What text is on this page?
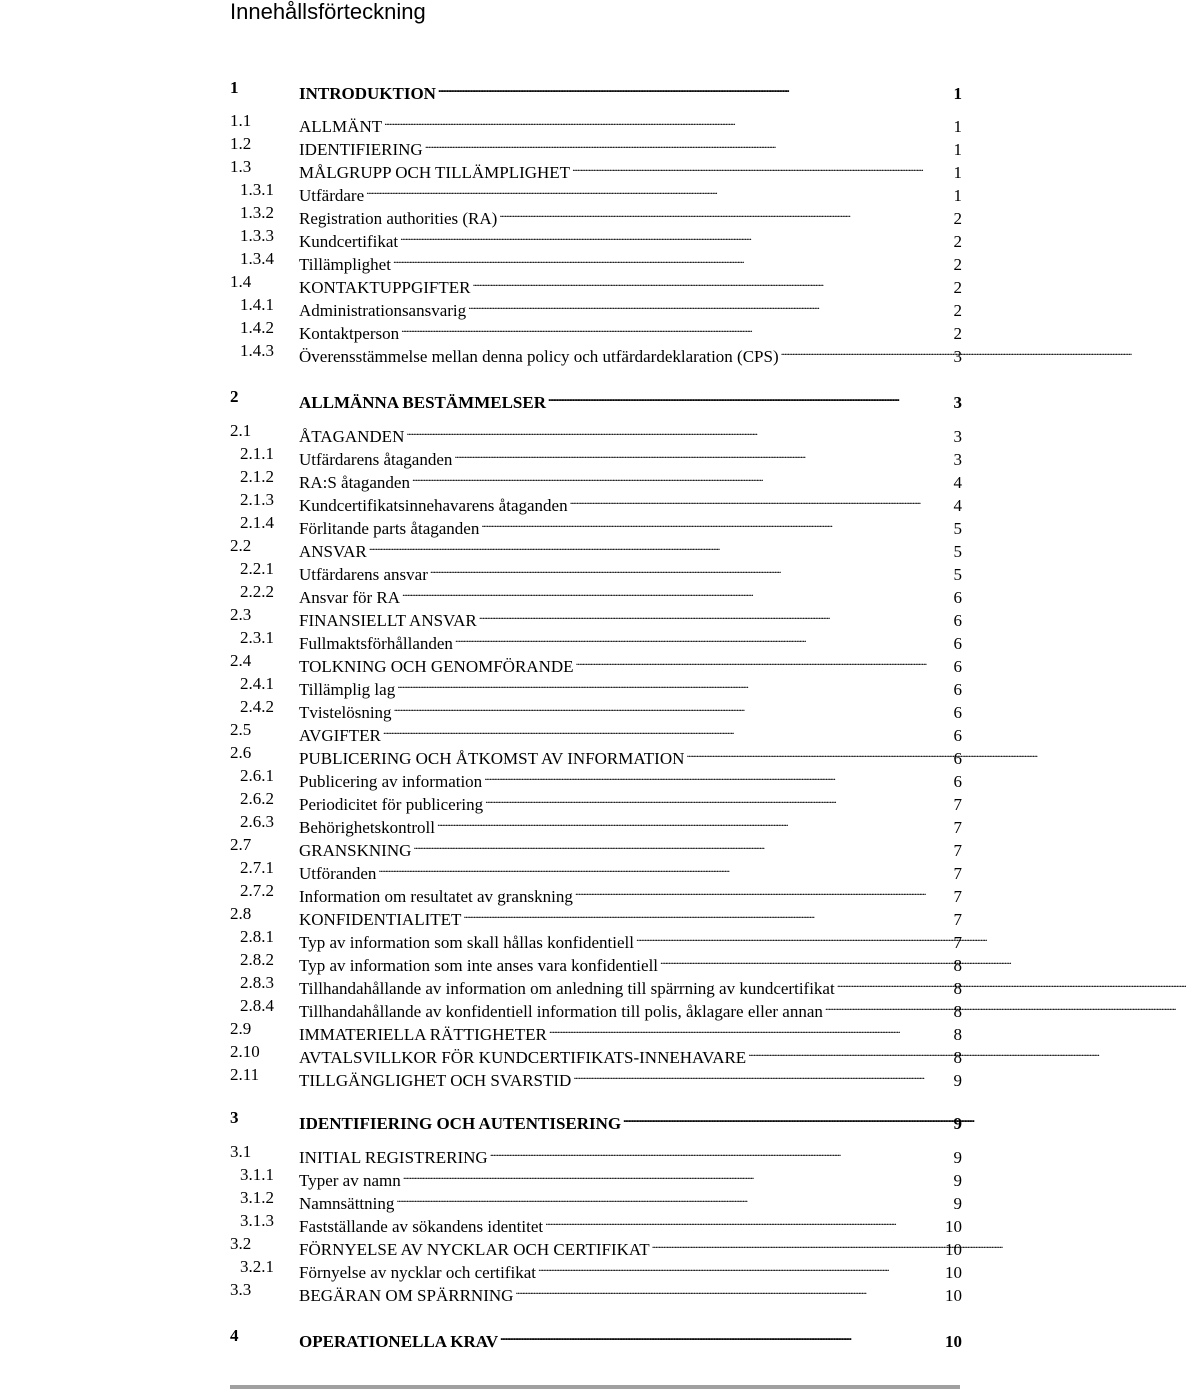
Innehållsförteckning
1	INTRODUKTION . . .	1
1.1	ALLMÄNT . . .	1
1.2	IDENTIFIERING . . .	1
1.3	MÅLGRUPP OCH TILLÄMPLIGHET . . .	1
1.3.1 Utfärdare . . .	1
1.3.2 Registration authorities (RA) . . .	2
1.3.3 Kundcertifikat . . .	2
1.3.4 Tillämplighet . . .	2
1.4	KONTAKTUPPGIFTER . . .	2
1.4.1 Administrationsansvarig . . .	2
1.4.2 Kontaktperson . . .	2
1.4.3 Överensstämmelse mellan denna policy och utfärdardeklaration (CPS) . . .	3
2	ALLMÄNNA BESTÄMMELSER . . .	3
2.1	ÅTAGANDEN . . .	3
2.1.1 Utfärdarens åtaganden . . .	3
2.1.2 RA:S åtaganden . . .	4
2.1.3 Kundcertifikatsinnehavarens åtaganden . . .	4
2.1.4 Förlitande parts åtaganden . . .	5
2.2	ANSVAR . . .	5
2.2.1 Utfärdarens ansvar . . .	5
2.2.2 Ansvar för RA . . .	6
2.3	FINANSIELLT ANSVAR . . .	6
2.3.1 Fullmaktsförhållanden . . .	6
2.4	TOLKNING OCH GENOMFÖRANDE . . .	6
2.4.1 Tillämplig lag . . .	6
2.4.2 Tvistelösning . . .	6
2.5	AVGIFTER . . .	6
2.6	PUBLICERING OCH ÅTKOMST AV INFORMATION . . .	6
2.6.1 Publicering av information . . .	6
2.6.2 Periodicitet för publicering . . .	7
2.6.3 Behörighetskontroll . . .	7
2.7	GRANSKNING . . .	7
2.7.1 Utföranden . . .	7
2.7.2 Information om resultatet av granskning . . .	7
2.8	KONFIDENTIALITET . . .	7
2.8.1 Typ av information som skall hållas konfidentiell . . .	7
2.8.2 Typ av information som inte anses vara konfidentiell . . .	8
2.8.3 Tillhandahållande av information om anledning till spärrning av kundcertifikat . . .	8
2.8.4 Tillhandahållande av konfidentiell information till polis, åklagare eller annan . . .	8
2.9	IMMATERIELLA RÄTTIGHETER . . .	8
2.10 AVTALSVILLKOR FÖR KUNDCERTIFIKATS-INNEHAVARE . . .	8
2.11 TILLGÄNGLIGHET OCH SVARSTID . . .	9
3	IDENTIFIERING OCH AUTENTISERING . . .	9
3.1	INITIAL REGISTRERING . . .	9
3.1.1 Typer av namn . . .	9
3.1.2 Namnsättning . . .	9
3.1.3 Fastställande av sökandens identitet . . .	10
3.2	FÖRNYELSE AV NYCKLAR OCH CERTIFIKAT . . .	10
3.2.1 Förnyelse av nycklar och certifikat . . .	10
3.3	BEGÄRAN OM SPÄRRNING . . .	10
4	OPERATIONELLA KRAV . . .	10
